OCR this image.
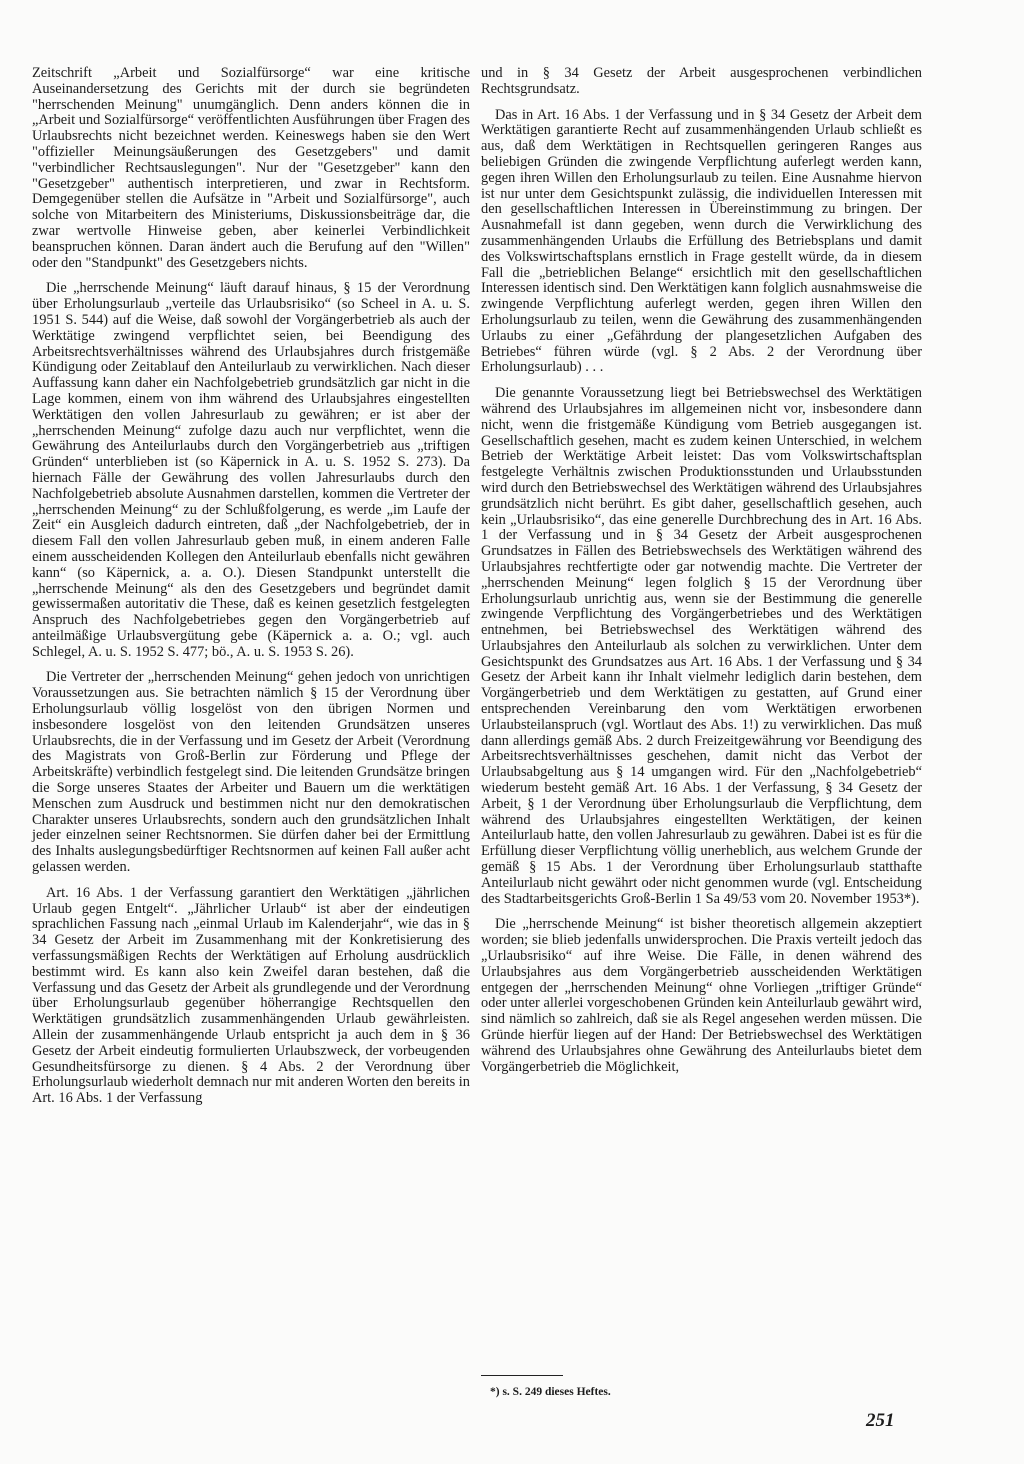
Zeitschrift „Arbeit und Sozialfürsorge“ war eine kritische Auseinandersetzung des Gerichts mit der durch sie begründeten "herrschenden Meinung" unumgänglich. Denn anders können die in „Arbeit und Sozialfürsorge“ veröffentlichten Ausführungen über Fragen des Urlaubsrechts nicht bezeichnet werden. Keineswegs haben sie den Wert "offizieller Meinungsäußerungen des Gesetzgebers" und damit "verbindlicher Rechtsauslegungen". Nur der "Gesetzgeber" kann den "Gesetzgeber" authentisch interpretieren, und zwar in Rechtsform. Demgegenüber stellen die Aufsätze in "Arbeit und Sozialfürsorge", auch solche von Mitarbeitern des Ministeriums, Diskussionsbeiträge dar, die zwar wertvolle Hinweise geben, aber keinerlei Verbindlichkeit beanspruchen können. Daran ändert auch die Berufung auf den "Willen" oder den "Standpunkt" des Gesetzgebers nichts.

Die „herrschende Meinung“ läuft darauf hinaus, § 15 der Verordnung über Erholungsurlaub „verteile das Urlaubsrisiko“ (so Scheel in A. u. S. 1951 S. 544) auf die Weise, daß sowohl der Vorgängerbetrieb als auch der Werktätige zwingend verpflichtet seien, bei Beendigung des Arbeitsrechtsverhältnisses während des Urlaubsjahres durch fristgemäße Kündigung oder Zeitablauf den Anteilurlaub zu verwirklichen. Nach dieser Auffassung kann daher ein Nachfolgebetrieb grundsätzlich gar nicht in die Lage kommen, einem von ihm während des Urlaubsjahres eingestellten Werktätigen den vollen Jahresurlaub zu gewähren; er ist aber der „herrschenden Meinung“ zufolge dazu auch nur verpflichtet, wenn die Gewährung des Anteilurlaubs durch den Vorgängerbetrieb aus „triftigen Gründen“ unterblieben ist (so Käpernick in A. u. S. 1952 S. 273). Da hiernach Fälle der Gewährung des vollen Jahresurlaubs durch den Nachfolgebetrieb absolute Ausnahmen darstellen, kommen die Vertreter der „herrschenden Meinung“ zu der Schlußfolgerung, es werde „im Laufe der Zeit“ ein Ausgleich dadurch eintreten, daß „der Nachfolgebetrieb, der in diesem Fall den vollen Jahresurlaub geben muß, in einem anderen Falle einem ausscheidenden Kollegen den Anteilurlaub ebenfalls nicht gewähren kann“ (so Käpernick, a. a. O.). Diesen Standpunkt unterstellt die „herrschende Meinung“ als den des Gesetzgebers und begründet damit gewissermaßen autoritativ die These, daß es keinen gesetzlich festgelegten Anspruch des Nachfolgebetriebes gegen den Vorgängerbetrieb auf anteilmäßige Urlaubsvergütung gebe (Käpernick a. a. O.; vgl. auch Schlegel, A. u. S. 1952 S. 477; bö., A. u. S. 1953 S. 26).

Die Vertreter der „herrschenden Meinung“ gehen jedoch von unrichtigen Voraussetzungen aus. Sie betrachten nämlich § 15 der Verordnung über Erholungsurlaub völlig losgelöst von den übrigen Normen und insbesondere losgelöst von den leitenden Grundsätzen unseres Urlaubsrechts, die in der Verfassung und im Gesetz der Arbeit (Verordnung des Magistrats von Groß-Berlin zur Förderung und Pflege der Arbeitskräfte) verbindlich festgelegt sind. Die leitenden Grundsätze bringen die Sorge unseres Staates der Arbeiter und Bauern um die werktätigen Menschen zum Ausdruck und bestimmen nicht nur den demokratischen Charakter unseres Urlaubsrechts, sondern auch den grundsätzlichen Inhalt jeder einzelnen seiner Rechtsnormen. Sie dürfen daher bei der Ermittlung des Inhalts auslegungsbedürftiger Rechtsnormen auf keinen Fall außer acht gelassen werden.

Art. 16 Abs. 1 der Verfassung garantiert den Werktätigen „jährlichen Urlaub gegen Entgelt“. „Jährlicher Urlaub“ ist aber der eindeutigen sprachlichen Fassung nach „einmal Urlaub im Kalenderjahr“, wie das in § 34 Gesetz der Arbeit im Zusammenhang mit der Konkretisierung des verfassungsmäßigen Rechts der Werktätigen auf Erholung ausdrücklich bestimmt wird. Es kann also kein Zweifel daran bestehen, daß die Verfassung und das Gesetz der Arbeit als grundlegende und der Verordnung über Erholungsurlaub gegenüber höherrangige Rechtsquellen den Werktätigen grundsätzlich zusammenhängenden Urlaub gewährleisten. Allein der zusammenhängende Urlaub entspricht ja auch dem in § 36 Gesetz der Arbeit eindeutig formulierten Urlaubszweck, der vorbeugenden Gesundheitsfürsorge zu dienen. § 4 Abs. 2 der Verordnung über Erholungsurlaub wiederholt demnach nur mit anderen Worten den bereits in Art. 16 Abs. 1 der Verfassung

und in § 34 Gesetz der Arbeit ausgesprochenen verbindlichen Rechtsgrundsatz.

Das in Art. 16 Abs. 1 der Verfassung und in § 34 Gesetz der Arbeit dem Werktätigen garantierte Recht auf zusammenhängenden Urlaub schließt es aus, daß dem Werktätigen in Rechtsquellen geringeren Ranges aus beliebigen Gründen die zwingende Verpflichtung auferlegt werden kann, gegen ihren Willen den Erholungsurlaub zu teilen. Eine Ausnahme hiervon ist nur unter dem Gesichtspunkt zulässig, die individuellen Interessen mit den gesellschaftlichen Interessen in Übereinstimmung zu bringen. Der Ausnahmefall ist dann gegeben, wenn durch die Verwirklichung des zusammenhängenden Urlaubs die Erfüllung des Betriebsplans und damit des Volkswirtschaftsplans ernstlich in Frage gestellt würde, da in diesem Fall die „betrieblichen Belange“ ersichtlich mit den gesellschaftlichen Interessen identisch sind. Den Werktätigen kann folglich ausnahmsweise die zwingende Verpflichtung auferlegt werden, gegen ihren Willen den Erholungsurlaub zu teilen, wenn die Gewährung des zusammenhängenden Urlaubs zu einer „Gefährdung der plangesetzlichen Aufgaben des Betriebes“ führen würde (vgl. § 2 Abs. 2 der Verordnung über Erholungsurlaub) . . .

Die genannte Voraussetzung liegt bei Betriebswechsel des Werktätigen während des Urlaubsjahres im allgemeinen nicht vor, insbesondere dann nicht, wenn die fristgemäße Kündigung vom Betrieb ausgegangen ist. Gesellschaftlich gesehen, macht es zudem keinen Unterschied, in welchem Betrieb der Werktätige Arbeit leistet: Das vom Volkswirtschaftsplan festgelegte Verhältnis zwischen Produktionsstunden und Urlaubsstunden wird durch den Betriebswechsel des Werktätigen während des Urlaubsjahres grundsätzlich nicht berührt. Es gibt daher, gesellschaftlich gesehen, auch kein „Urlaubsrisiko“, das eine generelle Durchbrechung des in Art. 16 Abs. 1 der Verfassung und in § 34 Gesetz der Arbeit ausgesprochenen Grundsatzes in Fällen des Betriebswechsels des Werktätigen während des Urlaubsjahres rechtfertigte oder gar notwendig machte. Die Vertreter der „herrschenden Meinung“ legen folglich § 15 der Verordnung über Erholungsurlaub unrichtig aus, wenn sie der Bestimmung die generelle zwingende Verpflichtung des Vorgängerbetriebes und des Werktätigen entnehmen, bei Betriebswechsel des Werktätigen während des Urlaubsjahres den Anteilurlaub als solchen zu verwirklichen. Unter dem Gesichtspunkt des Grundsatzes aus Art. 16 Abs. 1 der Verfassung und § 34 Gesetz der Arbeit kann ihr Inhalt vielmehr lediglich darin bestehen, dem Vorgängerbetrieb und dem Werktätigen zu gestatten, auf Grund einer entsprechenden Vereinbarung den vom Werktätigen erworbenen Urlaubsteilanspruch (vgl. Wortlaut des Abs. 1!) zu verwirklichen. Das muß dann allerdings gemäß Abs. 2 durch Freizeitgewährung vor Beendigung des Arbeitsrechtsverhältnisses geschehen, damit nicht das Verbot der Urlaubsabgeltung aus § 14 umgangen wird. Für den „Nachfolgebetrieb“ wiederum besteht gemäß Art. 16 Abs. 1 der Verfassung, § 34 Gesetz der Arbeit, § 1 der Verordnung über Erholungsurlaub die Verpflichtung, dem während des Urlaubsjahres eingestellten Werktätigen, der keinen Anteilurlaub hatte, den vollen Jahresurlaub zu gewähren. Dabei ist es für die Erfüllung dieser Verpflichtung völlig unerheblich, aus welchem Grunde der gemäß § 15 Abs. 1 der Verordnung über Erholungsurlaub statthafte Anteilurlaub nicht gewährt oder nicht genommen wurde (vgl. Entscheidung des Stadtarbeitsgerichts Groß-Berlin 1 Sa 49/53 vom 20. November 1953*).

Die „herrschende Meinung“ ist bisher theoretisch allgemein akzeptiert worden; sie blieb jedenfalls unwidersprochen. Die Praxis verteilt jedoch das „Urlaubsrisiko“ auf ihre Weise. Die Fälle, in denen während des Urlaubsjahres aus dem Vorgängerbetrieb ausscheidenden Werktätigen entgegen der „herrschenden Meinung“ ohne Vorliegen „triftiger Gründe“ oder unter allerlei vorgeschobenen Gründen kein Anteilurlaub gewährt wird, sind nämlich so zahlreich, daß sie als Regel angesehen werden müssen. Die Gründe hierfür liegen auf der Hand: Der Betriebswechsel des Werktätigen während des Urlaubsjahres ohne Gewährung des Anteilurlaubs bietet dem Vorgängerbetrieb die Möglichkeit,

*) s. S. 249 dieses Heftes.
251
